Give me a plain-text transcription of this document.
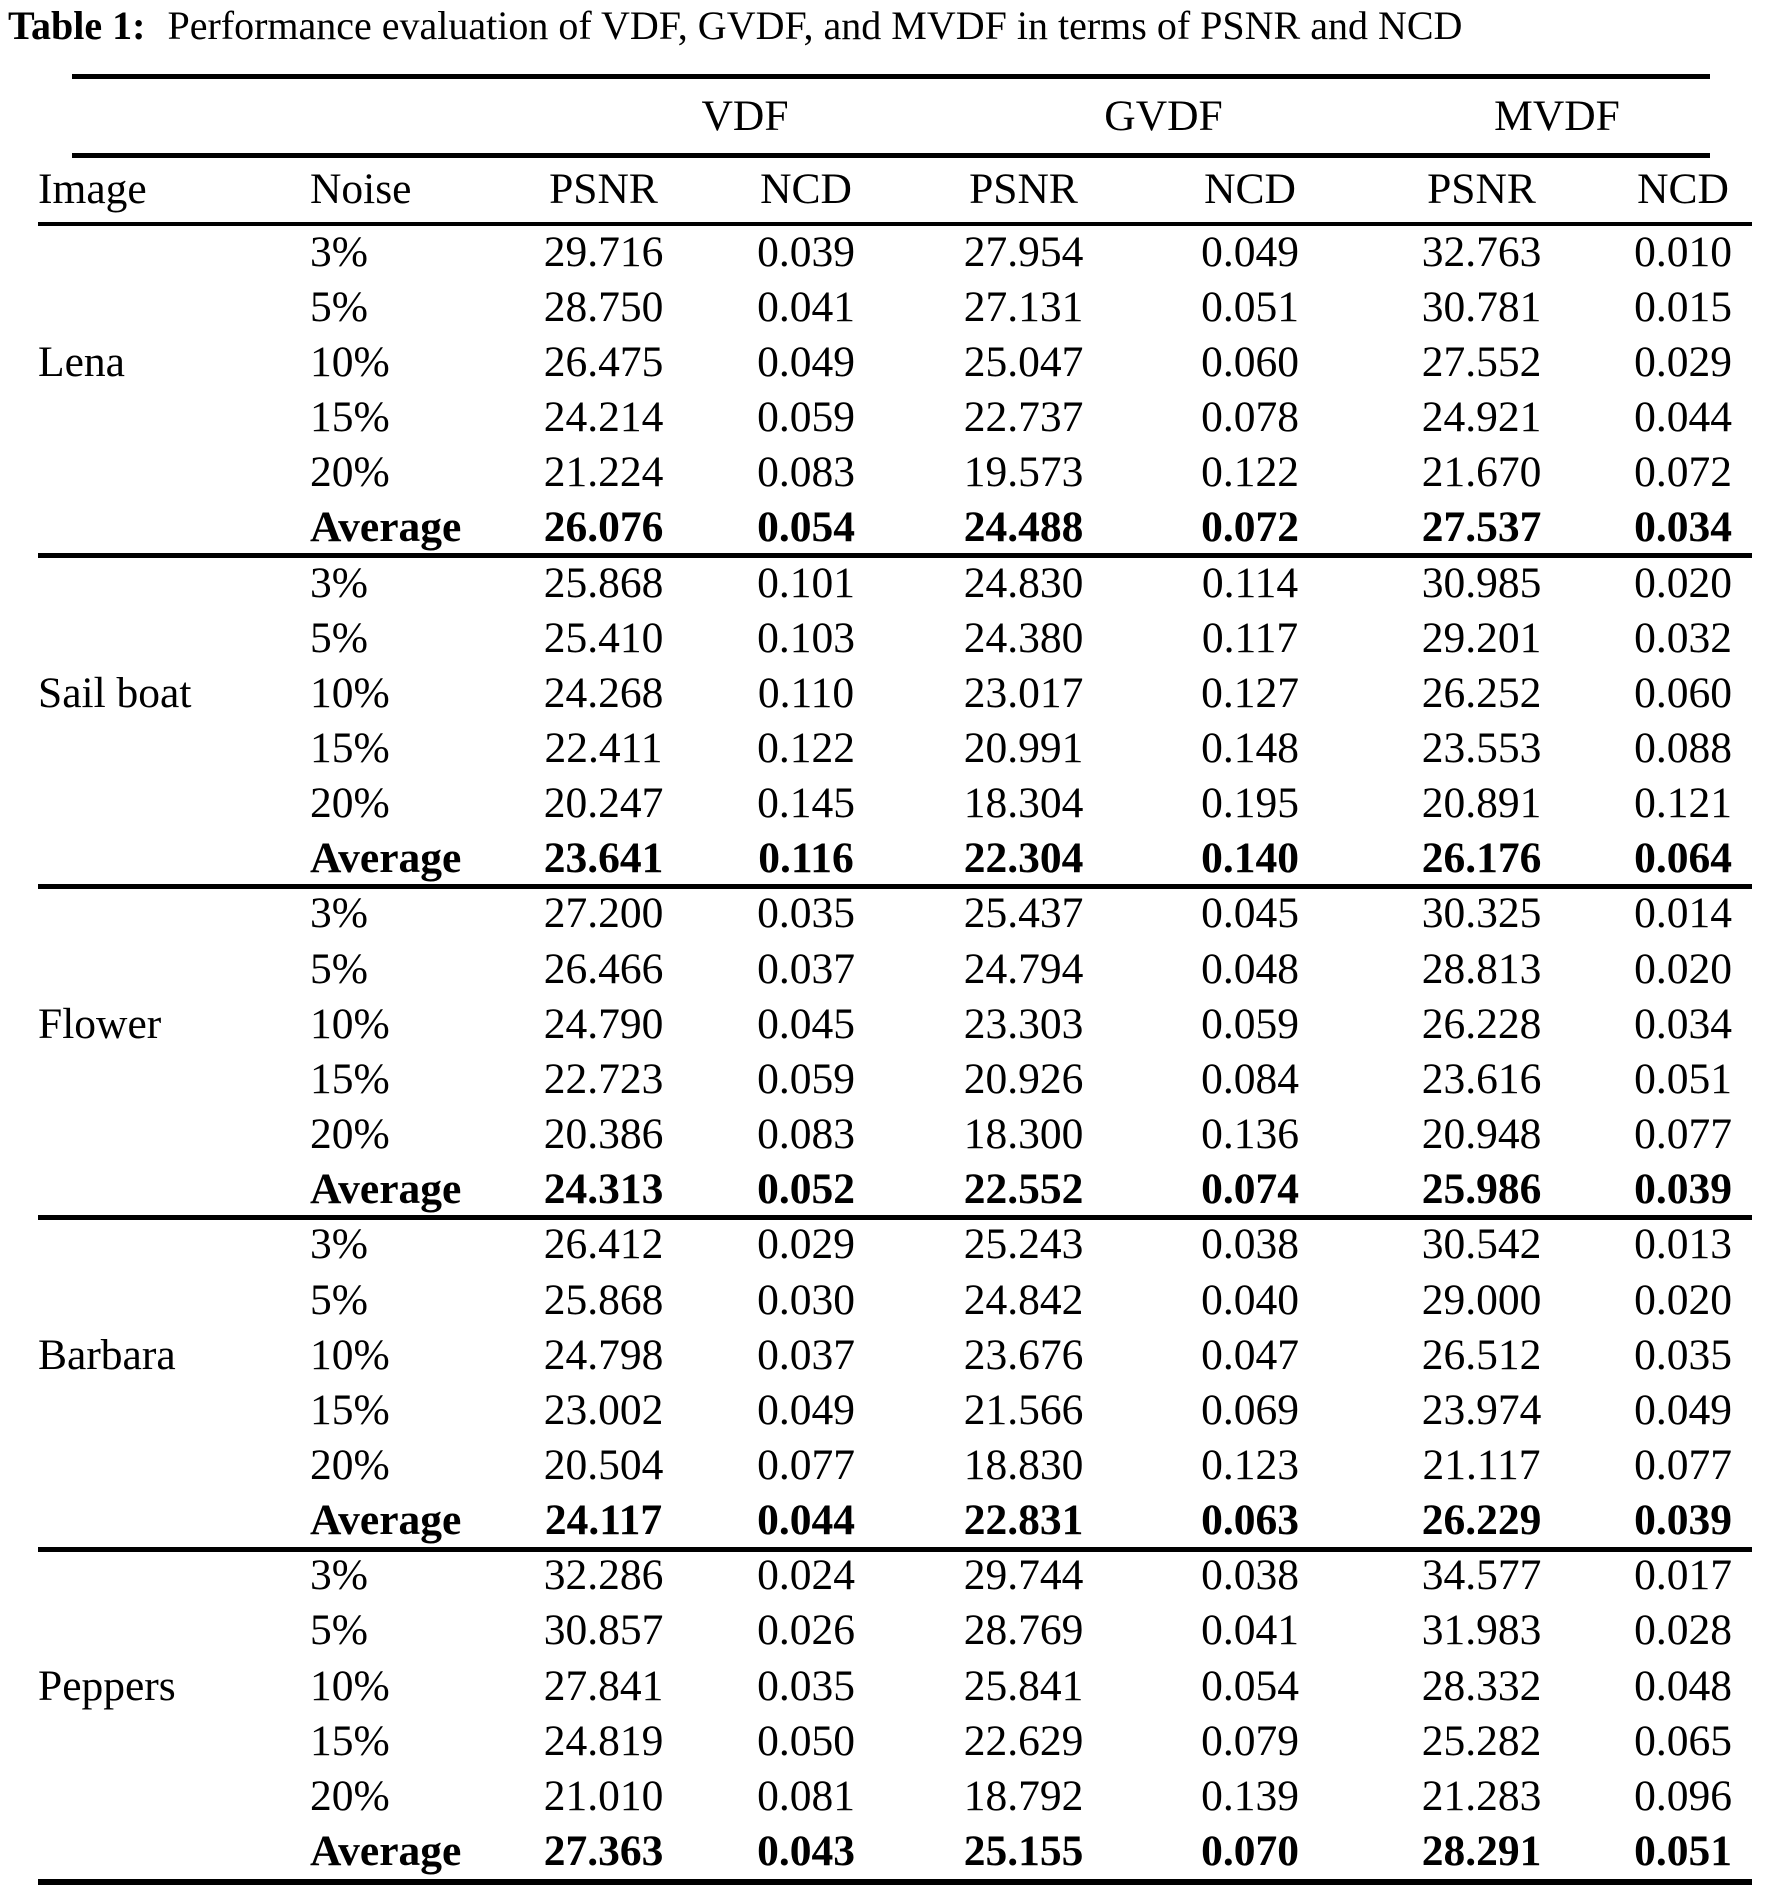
Table 1: Performance evaluation of VDF, GVDF, and MVDF in terms of PSNR and NCD
		VDF		GVDF		MVDF	
Image	Noise	PSNR	NCD	PSNR	NCD	PSNR	NCD
	3%	29.716	0.039	27.954	0.049	32.763	0.010
	5%	28.750	0.041	27.131	0.051	30.781	0.015
Lena	10%	26.475	0.049	25.047	0.060	27.552	0.029
	15%	24.214	0.059	22.737	0.078	24.921	0.044
	20%	21.224	0.083	19.573	0.122	21.670	0.072
	Average	26.076	0.054	24.488	0.072	27.537	0.034
	3%	25.868	0.101	24.830	0.114	30.985	0.020
	5%	25.410	0.103	24.380	0.117	29.201	0.032
Sail boat	10%	24.268	0.110	23.017	0.127	26.252	0.060
	15%	22.411	0.122	20.991	0.148	23.553	0.088
	20%	20.247	0.145	18.304	0.195	20.891	0.121
	Average	23.641	0.116	22.304	0.140	26.176	0.064
	3%	27.200	0.035	25.437	0.045	30.325	0.014
	5%	26.466	0.037	24.794	0.048	28.813	0.020
Flower	10%	24.790	0.045	23.303	0.059	26.228	0.034
	15%	22.723	0.059	20.926	0.084	23.616	0.051
	20%	20.386	0.083	18.300	0.136	20.948	0.077
	Average	24.313	0.052	22.552	0.074	25.986	0.039
	3%	26.412	0.029	25.243	0.038	30.542	0.013
	5%	25.868	0.030	24.842	0.040	29.000	0.020
Barbara	10%	24.798	0.037	23.676	0.047	26.512	0.035
	15%	23.002	0.049	21.566	0.069	23.974	0.049
	20%	20.504	0.077	18.830	0.123	21.117	0.077
	Average	24.117	0.044	22.831	0.063	26.229	0.039
	3%	32.286	0.024	29.744	0.038	34.577	0.017
	5%	30.857	0.026	28.769	0.041	31.983	0.028
Peppers	10%	27.841	0.035	25.841	0.054	28.332	0.048
	15%	24.819	0.050	22.629	0.079	25.282	0.065
	20%	21.010	0.081	18.792	0.139	21.283	0.096
	Average	27.363	0.043	25.155	0.070	28.291	0.051
